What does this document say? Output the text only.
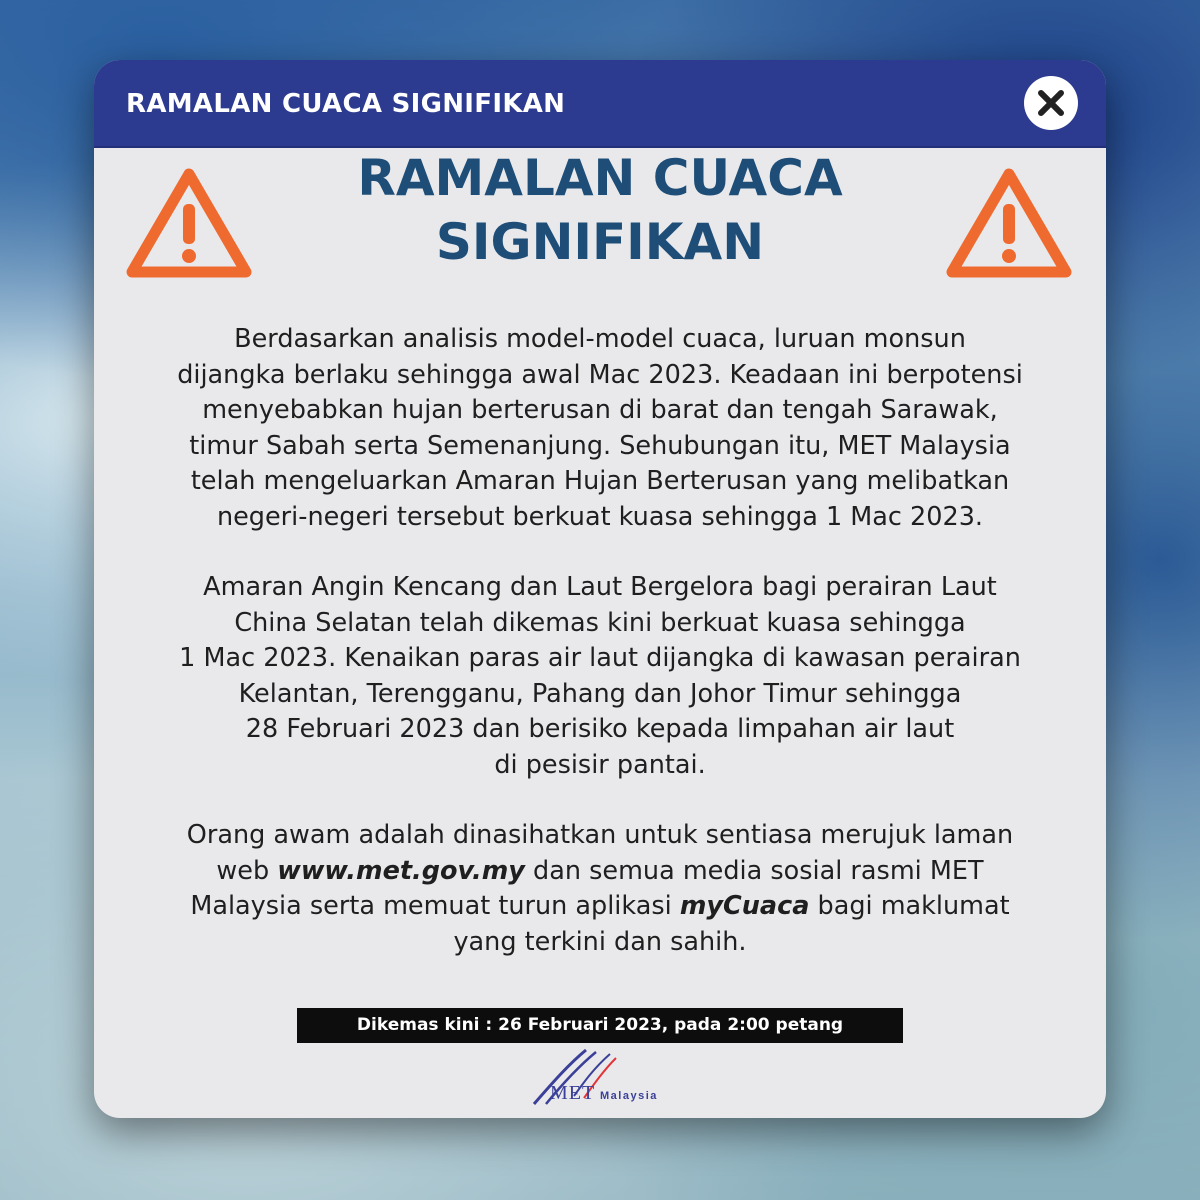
RAMALAN CUACA SIGNIFIKAN
RAMALAN CUACA
SIGNIFIKAN
Berdasarkan analisis model-model cuaca, luruan monsun
dijangka berlaku sehingga awal Mac 2023. Keadaan ini berpotensi
menyebabkan hujan berterusan di barat dan tengah Sarawak,
timur Sabah serta Semenanjung. Sehubungan itu, MET Malaysia
telah mengeluarkan Amaran Hujan Berterusan yang melibatkan
negeri-negeri tersebut berkuat kuasa sehingga 1 Mac 2023.
Amaran Angin Kencang dan Laut Bergelora bagi perairan Laut
China Selatan telah dikemas kini berkuat kuasa sehingga
1 Mac 2023. Kenaikan paras air laut dijangka di kawasan perairan
Kelantan, Terengganu, Pahang dan Johor Timur sehingga
28 Februari 2023 dan berisiko kepada limpahan air laut
di pesisir pantai.
Orang awam adalah dinasihatkan untuk sentiasa merujuk laman
web www.met.gov.my dan semua media sosial rasmi MET
Malaysia serta memuat turun aplikasi myCuaca bagi maklumat
yang terkini dan sahih.
Dikemas kini : 26 Februari 2023, pada 2:00 petang
MET Malaysia
